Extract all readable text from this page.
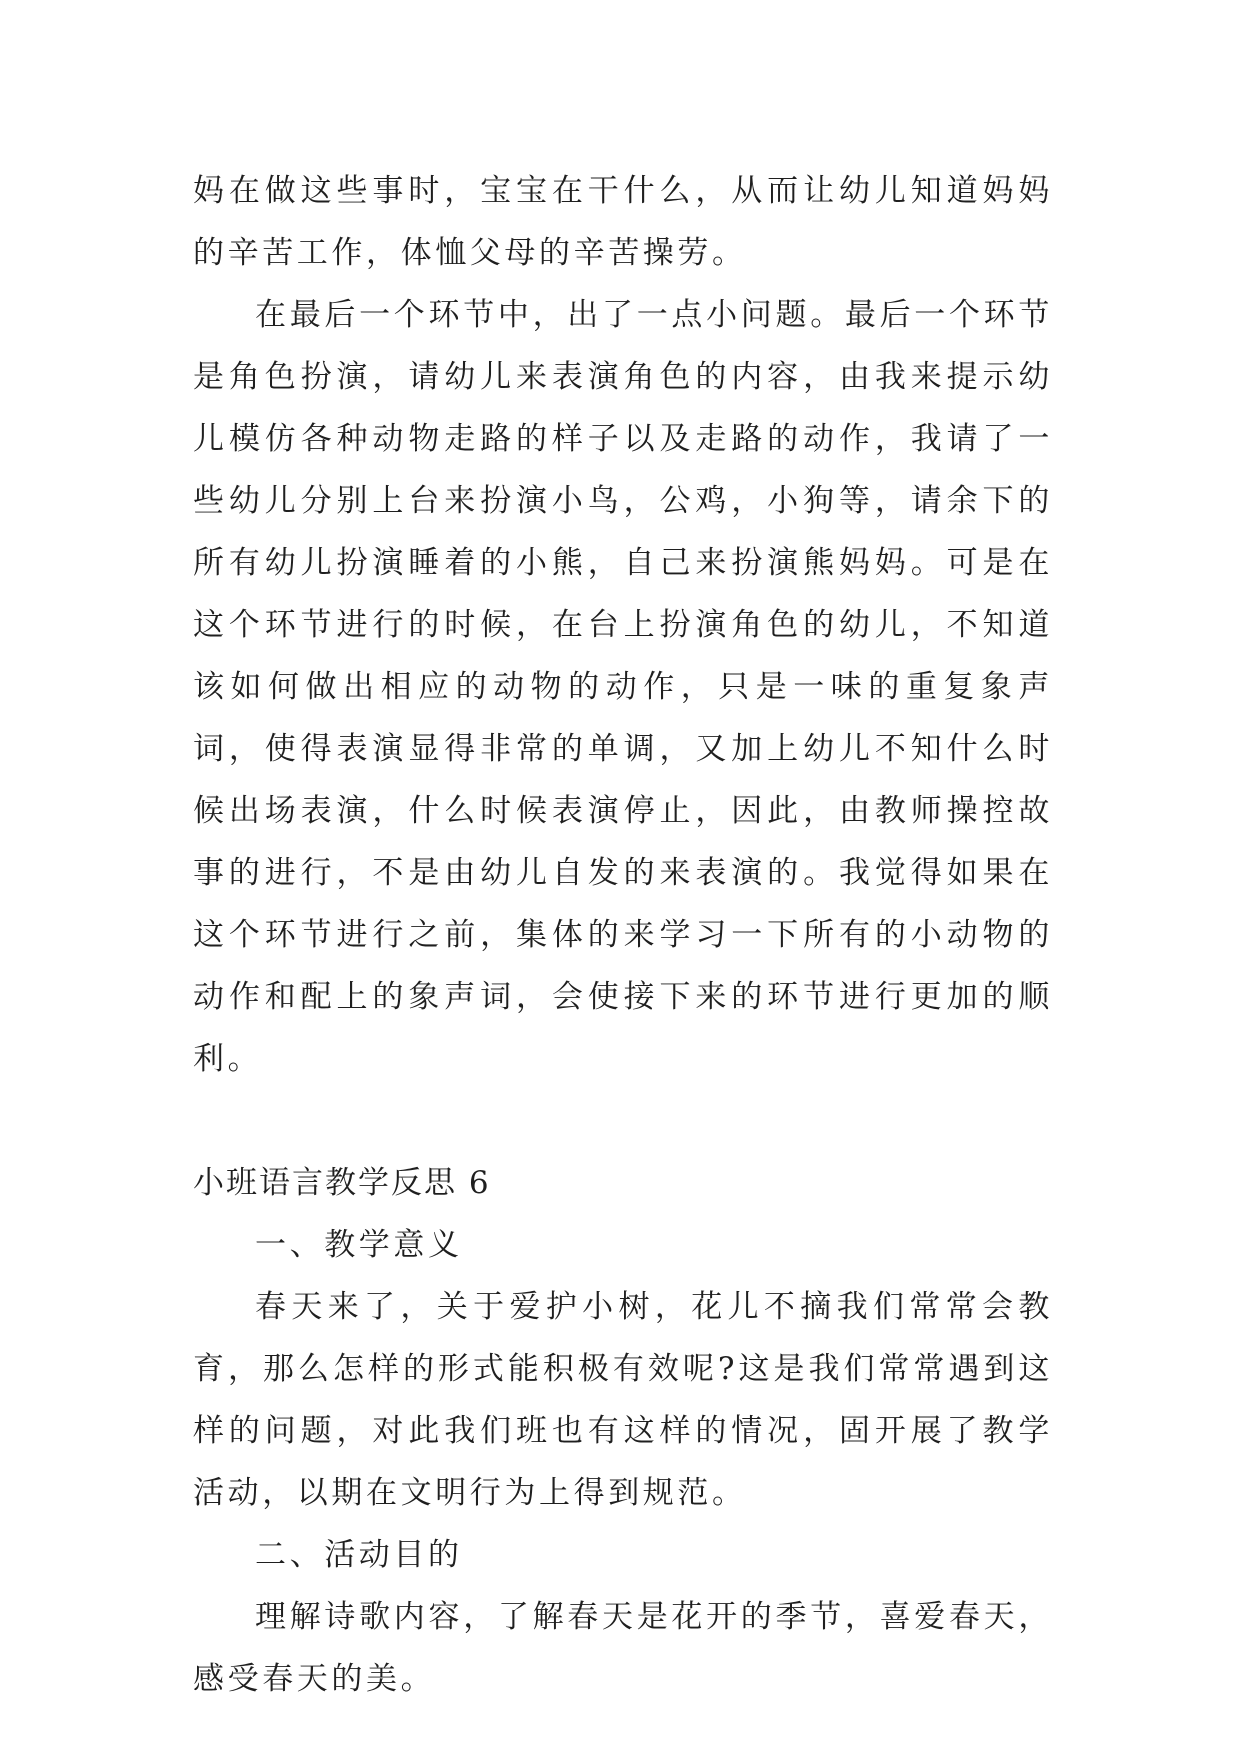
妈在做这些事时，宝宝在干什么，从而让幼儿知道妈妈的辛苦工作，体恤父母的辛苦操劳。

在最后一个环节中，出了一点小问题。最后一个环节是角色扮演，请幼儿来表演角色的内容，由我来提示幼儿模仿各种动物走路的样子以及走路的动作，我请了一些幼儿分别上台来扮演小鸟，公鸡，小狗等，请余下的所有幼儿扮演睡着的小熊，自己来扮演熊妈妈。可是在这个环节进行的时候，在台上扮演角色的幼儿，不知道该如何做出相应的动物的动作，只是一味的重复象声词，使得表演显得非常的单调，又加上幼儿不知什么时候出场表演，什么时候表演停止，因此，由教师操控故事的进行，不是由幼儿自发的来表演的。我觉得如果在这个环节进行之前，集体的来学习一下所有的小动物的动作和配上的象声词，会使接下来的环节进行更加的顺利。

小班语言教学反思 6

一、教学意义

春天来了，关于爱护小树，花儿不摘我们常常会教育，那么怎样的形式能积极有效呢?这是我们常常遇到这样的问题，对此我们班也有这样的情况，固开展了教学活动，以期在文明行为上得到规范。

二、活动目的

理解诗歌内容，了解春天是花开的季节，喜爱春天，感受春天的美。
